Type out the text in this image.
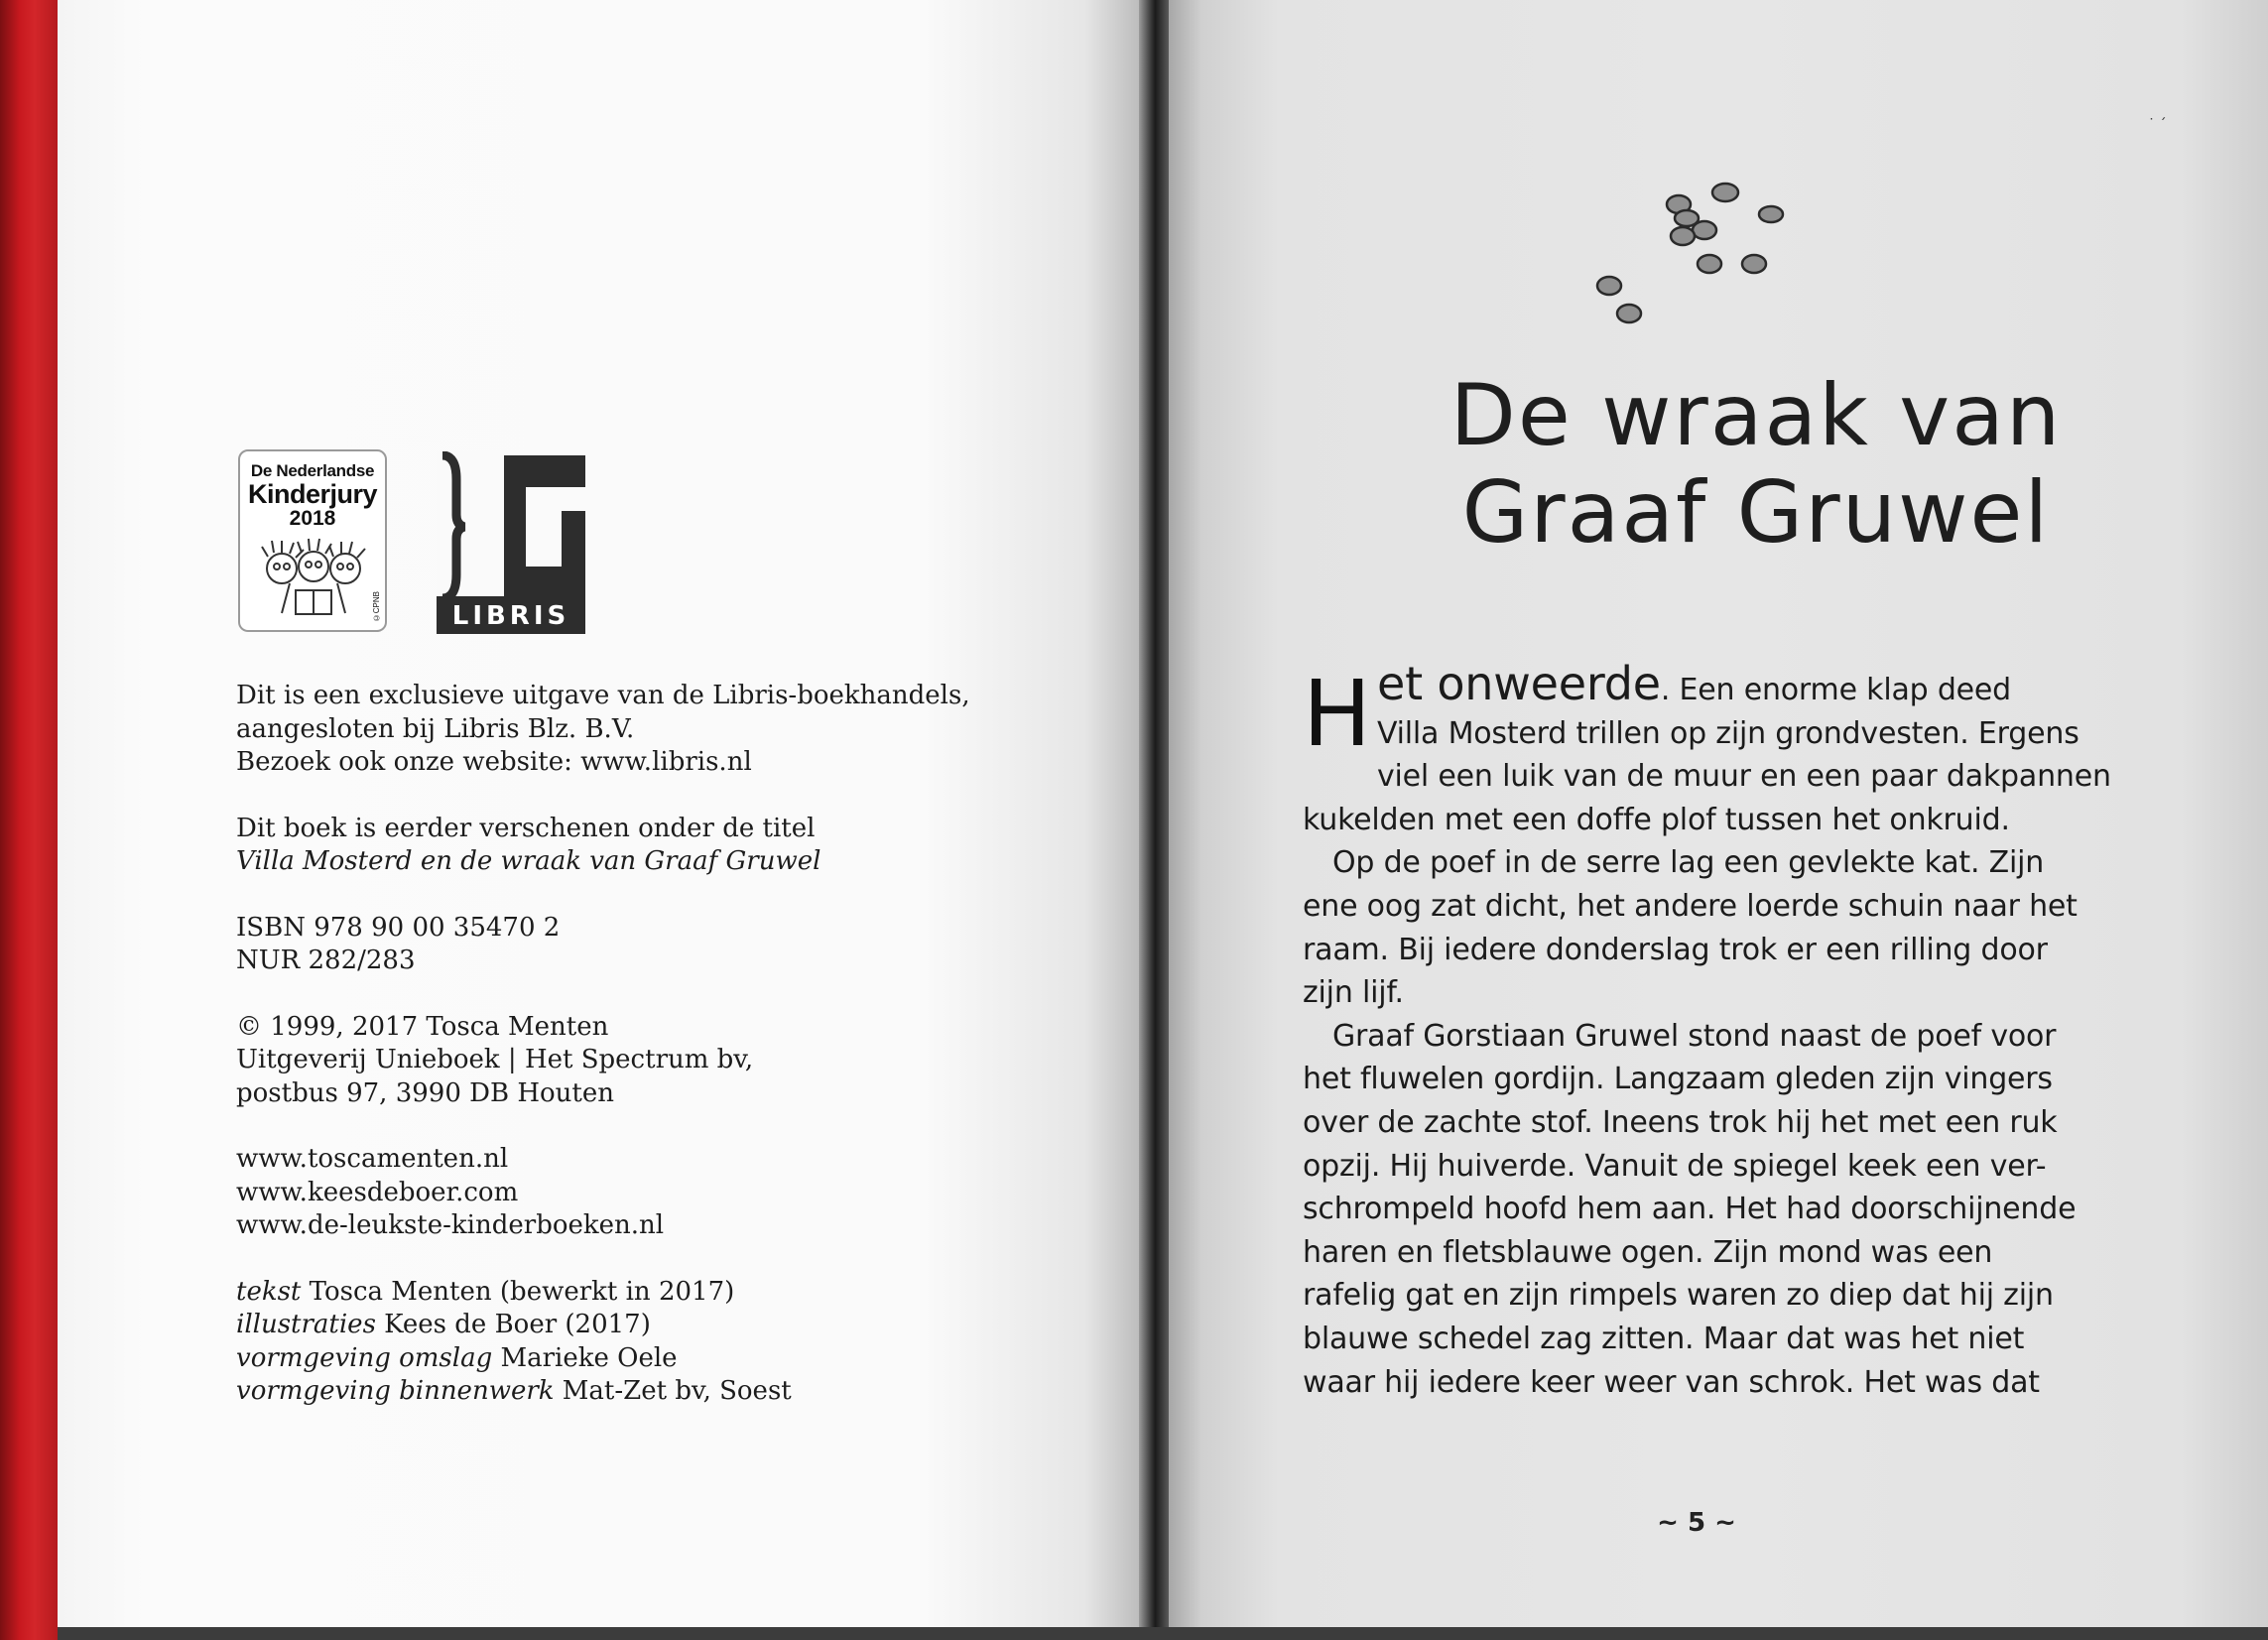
De Nederlandse
Kinderjury
2018
©CPNB	LIBRIS
Dit is een exclusieve uitgave van de Libris-boekhandels,
aangesloten bij Libris Blz. B.V.
Bezoek ook onze website: www.libris.nl
Dit boek is eerder verschenen onder de titel
Villa Mosterd en de wraak van Graaf Gruwel
ISBN 978 90 00 35470 2
NUR 282/283
© 1999, 2017 Tosca Menten
Uitgeverij Unieboek | Het Spectrum bv,
postbus 97, 3990 DB Houten
www.toscamenten.nl
www.keesdeboer.com
www.de-leukste-kinderboeken.nl
tekst Tosca Menten (bewerkt in 2017)
illustraties Kees de Boer (2017)
vormgeving omslag Marieke Oele
vormgeving binnenwerk Mat-Zet bv, Soest
˙ ˊ
De wraak van
Graaf Gruwel
H et onweerde. Een enorme klap deed
Villa Mosterd trillen op zijn grondvesten. Ergens
viel een luik van de muur en een paar dakpannen
kukelden met een doffe plof tussen het onkruid.
Op de poef in de serre lag een gevlekte kat. Zijn
ene oog zat dicht, het andere loerde schuin naar het
raam. Bij iedere donderslag trok er een rilling door
zijn lijf.
Graaf Gorstiaan Gruwel stond naast de poef voor
het fluwelen gordijn. Langzaam gleden zijn vingers
over de zachte stof. Ineens trok hij het met een ruk
opzij. Hij huiverde. Vanuit de spiegel keek een ver-
schrompeld hoofd hem aan. Het had doorschijnende
haren en fletsblauwe ogen. Zijn mond was een
rafelig gat en zijn rimpels waren zo diep dat hij zijn
blauwe schedel zag zitten. Maar dat was het niet
waar hij iedere keer weer van schrok. Het was dat
~ 5 ~
